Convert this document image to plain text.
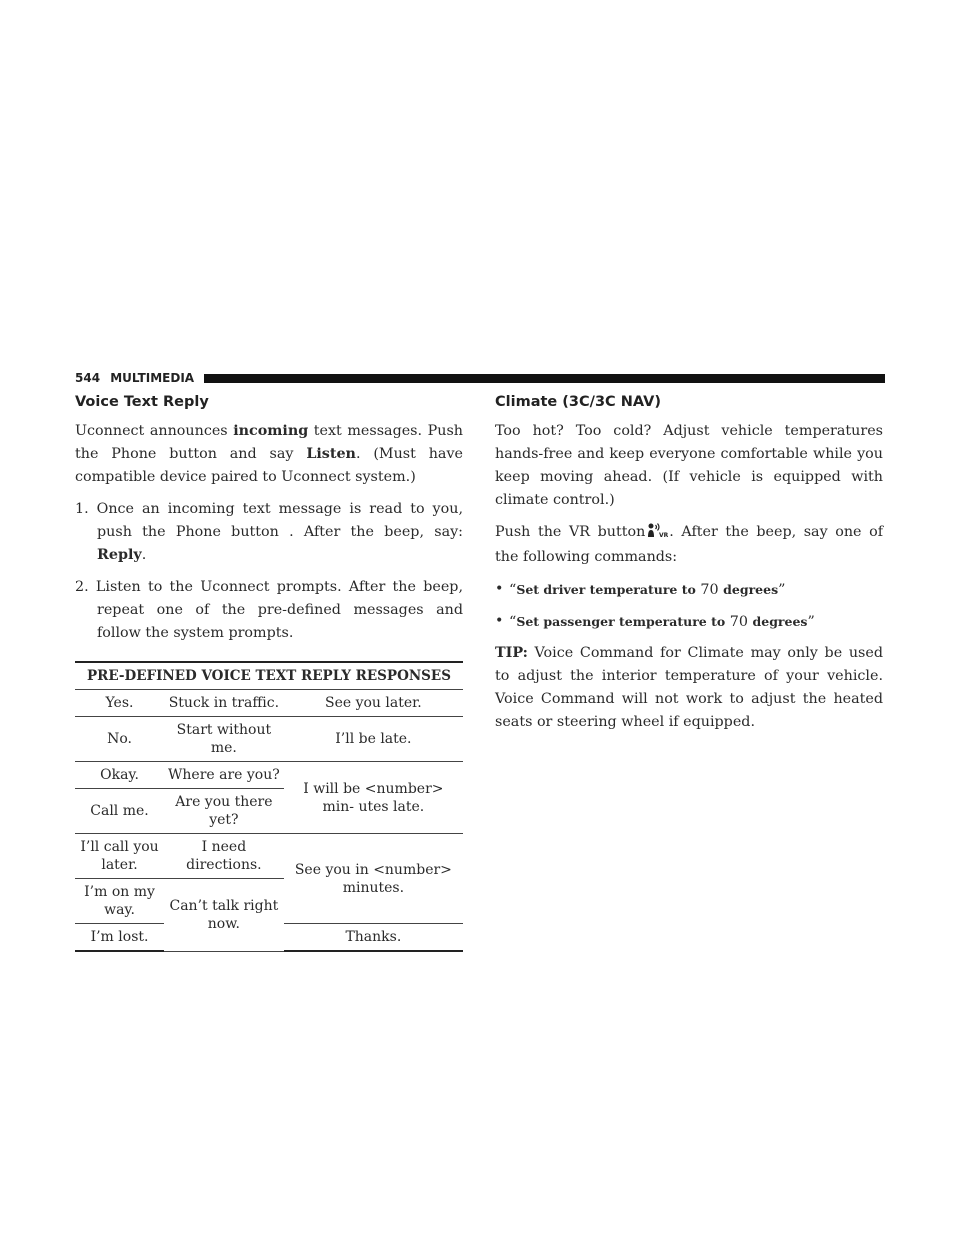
544
MULTIMEDIA
Voice Text Reply

Uconnect announces incoming text messages. Push the Phone button and say Listen. (Must have compatible device paired to Uconnect system.)

1. Once an incoming text message is read to you, push the Phone button . After the beep, say: Reply.
2. Listen to the Uconnect prompts. After the beep, repeat one of the pre-defined messages and follow the system prompts.
PRE-DEFINED VOICE TEXT REPLY RESPONSES		
Yes.	Stuck in traffic.	See you later.
No.	Start without me.	I’ll be late.
Okay.	Where are you?	I will be <number> min- utes late.
Call me.	Are you there yet?	
I’ll call you later.	I need directions.	See you in <number> minutes.
I’m on my way.	Can’t talk right now.	
I’m lost.		Thanks.
Climate (3C/3C NAV)

Too hot? Too cold? Adjust vehicle temperatures hands-free and keep everyone comfortable while you keep moving ahead. (If vehicle is equipped with climate control.)

Push the VR button VR . After the beep, say one of the following commands:

• “Set driver temperature to 70 degrees”
• “Set passenger temperature to 70 degrees”

TIP: Voice Command for Climate may only be used to adjust the interior temperature of your vehicle. Voice Command will not work to adjust the heated seats or steering wheel if equipped.
